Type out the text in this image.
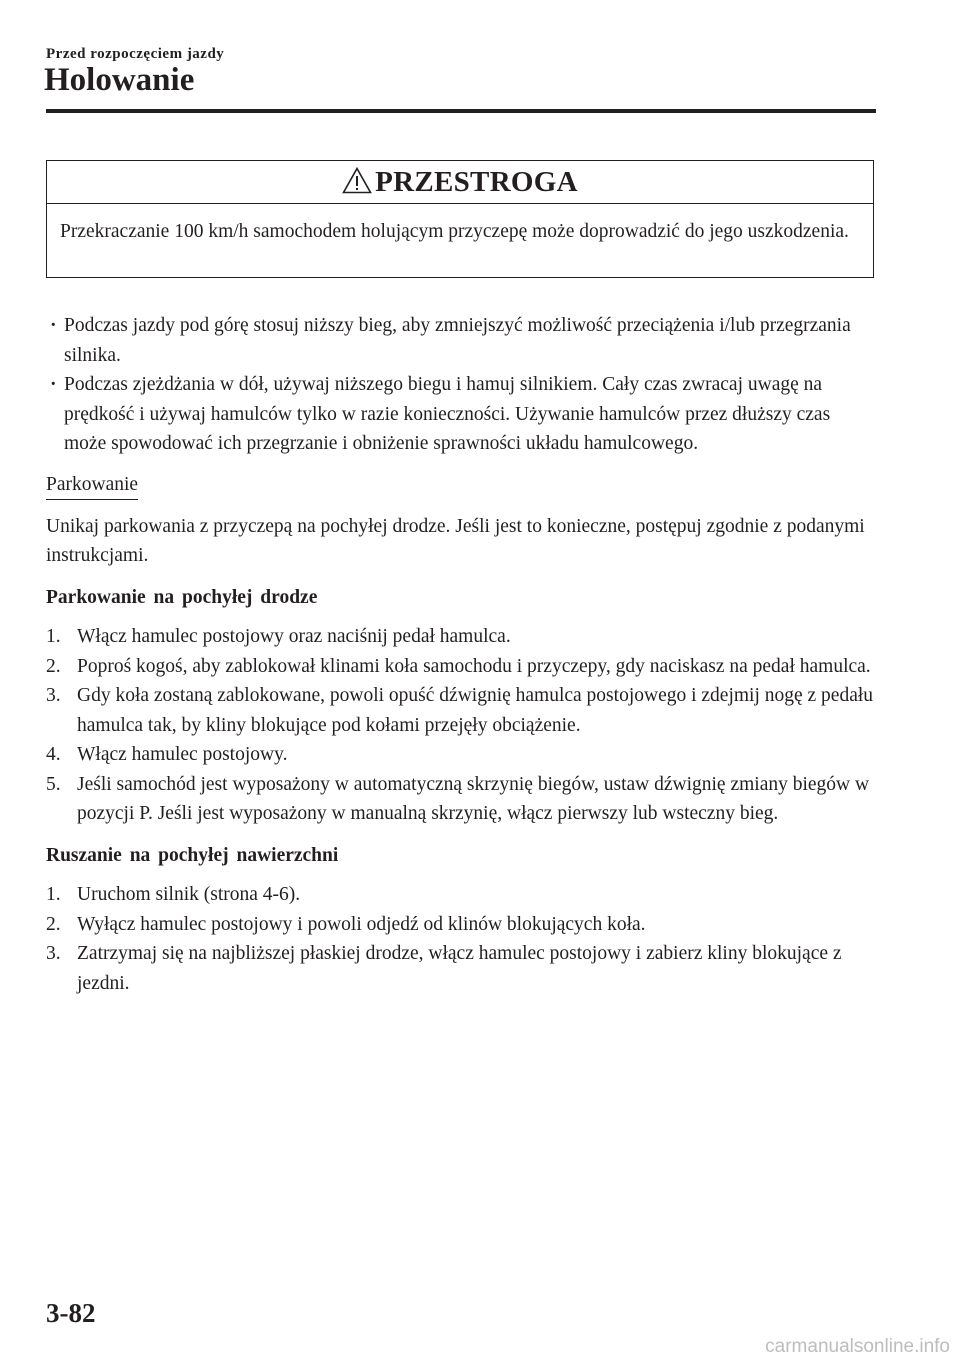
Przed rozpoczęciem jazdy
Holowanie
PRZESTROGA
Przekraczanie 100 km/h samochodem holującym przyczepę może doprowadzić do jego uszkodzenia.
· Podczas jazdy pod górę stosuj niższy bieg, aby zmniejszyć możliwość przeciążenia i/lub przegrzania silnika.
· Podczas zjeżdżania w dół, używaj niższego biegu i hamuj silnikiem. Cały czas zwracaj uwagę na prędkość i używaj hamulców tylko w razie konieczności. Używanie hamulców przez dłuższy czas może spowodować ich przegrzanie i obniżenie sprawności układu hamulcowego.
Parkowanie
Unikaj parkowania z przyczepą na pochyłej drodze. Jeśli jest to konieczne, postępuj zgodnie z podanymi instrukcjami.
Parkowanie na pochyłej drodze
1. Włącz hamulec postojowy oraz naciśnij pedał hamulca.
2. Poproś kogoś, aby zablokował klinami koła samochodu i przyczepy, gdy naciskasz na pedał hamulca.
3. Gdy koła zostaną zablokowane, powoli opuść dźwignię hamulca postojowego i zdejmij nogę z pedału hamulca tak, by kliny blokujące pod kołami przejęły obciążenie.
4. Włącz hamulec postojowy.
5. Jeśli samochód jest wyposażony w automatyczną skrzynię biegów, ustaw dźwignię zmiany biegów w pozycji P. Jeśli jest wyposażony w manualną skrzynię, włącz pierwszy lub wsteczny bieg.
Ruszanie na pochyłej nawierzchni
1. Uruchom silnik (strona 4-6).
2. Wyłącz hamulec postojowy i powoli odjedź od klinów blokujących koła.
3. Zatrzymaj się na najbliższej płaskiej drodze, włącz hamulec postojowy i zabierz kliny blokujące z jezdni.
3-82
carmanualsonline.info
